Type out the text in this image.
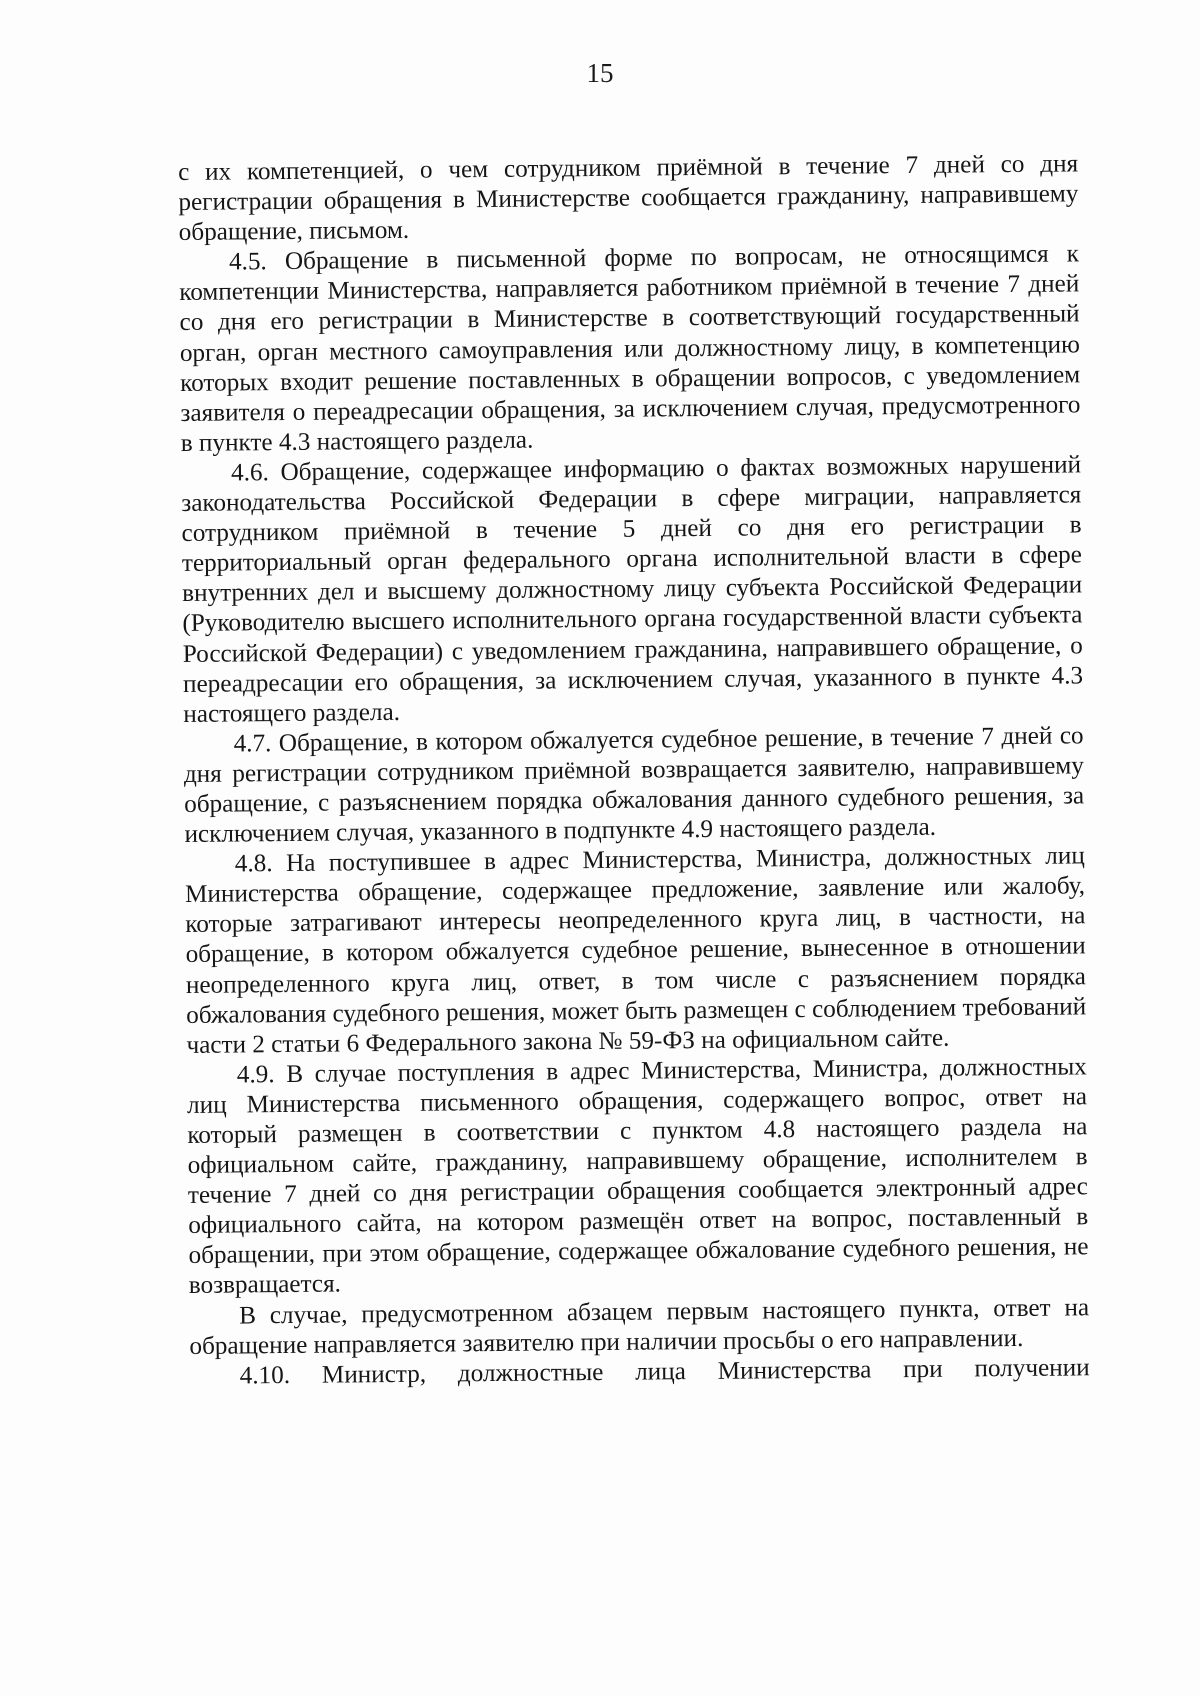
15

с их компетенцией, о чем сотрудником приёмной в течение 7 дней со дня регистрации обращения в Министерстве сообщается гражданину, направившему обращение, письмом.

4.5. Обращение в письменной форме по вопросам, не относящимся к компетенции Министерства, направляется работником приёмной в течение 7 дней со дня его регистрации в Министерстве в соответствующий государственный орган, орган местного самоуправления или должностному лицу, в компетенцию которых входит решение поставленных в обращении вопросов, с уведомлением заявителя о переадресации обращения, за исключением случая, предусмотренного в пункте 4.3 настоящего раздела.

4.6. Обращение, содержащее информацию о фактах возможных нарушений законодательства Российской Федерации в сфере миграции, направляется сотрудником приёмной в течение 5 дней со дня его регистрации в территориальный орган федерального органа исполнительной власти в сфере внутренних дел и высшему должностному лицу субъекта Российской Федерации (Руководителю высшего исполнительного органа государственной власти субъекта Российской Федерации) с уведомлением гражданина, направившего обращение, о переадресации его обращения, за исключением случая, указанного в пункте 4.3 настоящего раздела.

4.7. Обращение, в котором обжалуется судебное решение, в течение 7 дней со дня регистрации сотрудником приёмной возвращается заявителю, направившему обращение, с разъяснением порядка обжалования данного судебного решения, за исключением случая, указанного в подпункте 4.9 настоящего раздела.

4.8. На поступившее в адрес Министерства, Министра, должностных лиц Министерства обращение, содержащее предложение, заявление или жалобу, которые затрагивают интересы неопределенного круга лиц, в частности, на обращение, в котором обжалуется судебное решение, вынесенное в отношении неопределенного круга лиц, ответ, в том числе с разъяснением порядка обжалования судебного решения, может быть размещен с соблюдением требований части 2 статьи 6 Федерального закона № 59-ФЗ на официальном сайте.

4.9. В случае поступления в адрес Министерства, Министра, должностных лиц Министерства письменного обращения, содержащего вопрос, ответ на который размещен в соответствии с пунктом 4.8 настоящего раздела на официальном сайте, гражданину, направившему обращение, исполнителем в течение 7 дней со дня регистрации обращения сообщается электронный адрес официального сайта, на котором размещён ответ на вопрос, поставленный в обращении, при этом обращение, содержащее обжалование судебного решения, не возвращается.

В случае, предусмотренном абзацем первым настоящего пункта, ответ на обращение направляется заявителю при наличии просьбы о его направлении.

4.10. Министр, должностные лица Министерства при получении
